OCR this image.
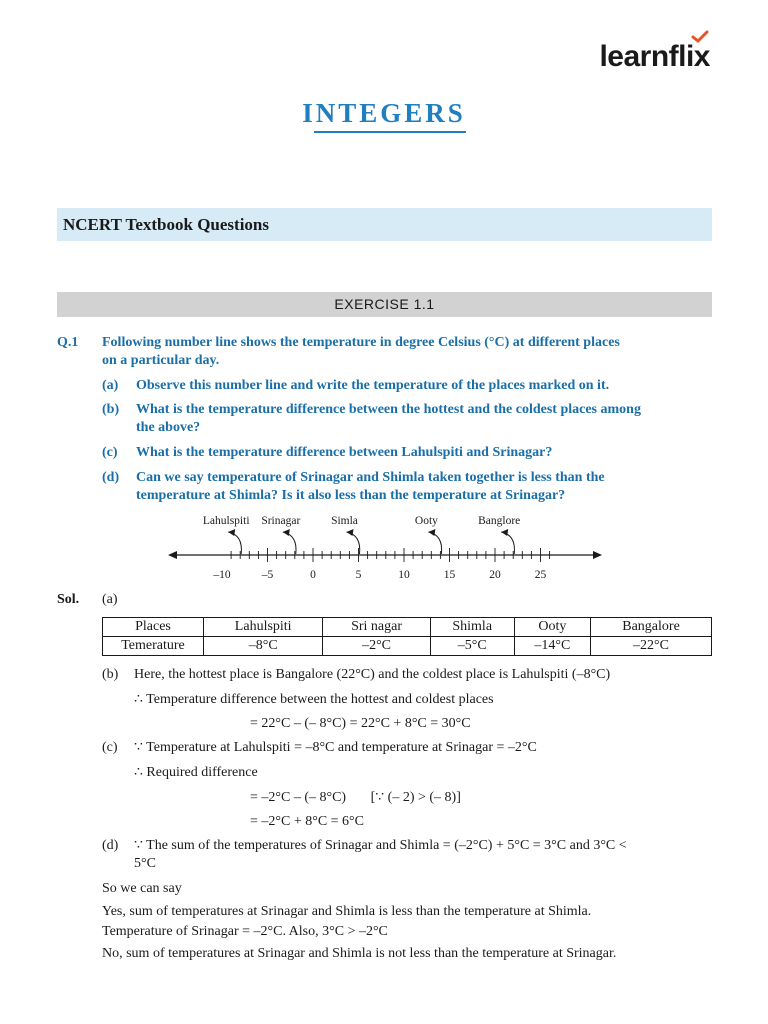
learnflix
INTEGERS
NCERT Textbook Questions
EXERCISE 1.1
Q.1 Following number line shows the temperature in degree Celsius (°C) at different places
on a particular day.
(a) Observe this number line and write the temperature of the places marked on it.
(b) What is the temperature difference between the hottest and the coldest places among
the above?
(c) What is the temperature difference between Lahulspiti and Srinagar?
(d) Can we say temperature of Srinagar and Shimla taken together is less than the
temperature at Shimla? Is it also less than the temperature at Srinagar?
–10	–5	0	5	10	15	20	25
Lahulspiti Srinagar	Simla	Ooty	Banglore
Sol. (a)
Places	Lahulspiti	Sri nagar	Shimla	Ooty	Bangalore
Temerature	–8°C	–2°C	–5°C	–14°C	–22°C
(b) Here, the hottest place is Bangalore (22°C) and the coldest place is Lahulspiti (–8°C)
∴ Temperature difference between the hottest and coldest places
= 22°C – (– 8°C) = 22°C + 8°C = 30°C
(c) ∵ Temperature at Lahulspiti = –8°C and temperature at Srinagar = –2°C
∴ Required difference
= –2°C – (– 8°C)       [∵ (– 2) > (– 8)]
= –2°C + 8°C = 6°C
(d) ∵ The sum of the temperatures of Srinagar and Shimla = (–2°C) + 5°C = 3°C and 3°C <
5°C
So we can say
Yes, sum of temperatures at Srinagar and Shimla is less than the temperature at Shimla.
Temperature of Srinagar = –2°C. Also, 3°C > –2°C
No, sum of temperatures at Srinagar and Shimla is not less than the temperature at Srinagar.
